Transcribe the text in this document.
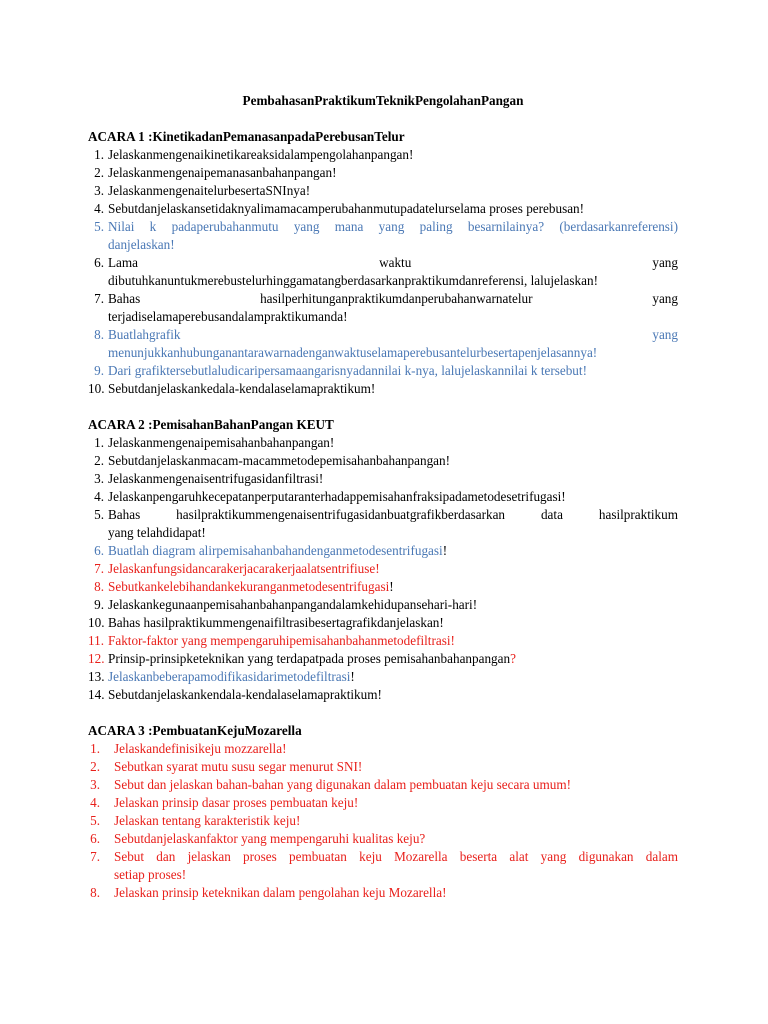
PembahasanPraktikumTeknikPengolahanPangan
ACARA 1 :KinetikadanPemanasanpadaPerebusanTelur
1. Jelaskanmengenaikinetikareaksidalampengolahanpangan!
2. Jelaskanmengenaipemanasanbahanpangan!
3. JelaskanmengenaitelurbesertaSNInya!
4. Sebutdanjelaskansetidaknyalimamacamperubahanmutupadatelurselama proses perebusan!
5. Nilai k padaperubahanmutu yang mana yang paling besarnilainya? (berdasarkanreferensi)
danjelaskan!
6. Lama waktu yang
dibutuhkanuntukmerebustelurhinggamatangberdasarkanpraktikumdanreferensi, lalujelaskan!
7. Bahas hasilperhitunganpraktikumdanperubahanwarnatelur yang
terjadiselamaperebusandalampraktikumanda!
8. Buatlahgrafik yang
menunjukkanhubunganantarawarnadenganwaktuselamaperebusantelurbesertapenjelasannya!
9. Dari grafiktersebutlaludicaripersamaangarisnyadannilai k-nya, lalujelaskannilai k tersebut!
10. Sebutdanjelaskankedala-kendalaselamapraktikum!
ACARA 2 :PemisahanBahanPangan KEUT
1. Jelaskanmengenaipemisahanbahanpangan!
2. Sebutdanjelaskanmacam-macammetodepemisahanbahanpangan!
3. Jelaskanmengenaisentrifugasidanfiltrasi!
4. Jelaskanpengaruhkecepatanperputaranterhadappemisahanfraksipadametodesetrifugasi!
5. Bahas hasilpraktikummengenaisentrifugasidanbuatgrafikberdasarkan data hasilpraktikum
yang telahdidapat!
6. Buatlah diagram alirpemisahanbahandenganmetodesentrifugasi!
7. Jelaskanfungsidancarakerjacarakerjaalatsentrifiuse!
8. Sebutkankelebihandankekuranganmetodesentrifugasi!
9. Jelaskankegunaanpemisahanbahanpangandalamkehidupansehari-hari!
10. Bahas hasilpraktikummengenaifiltrasibesertagrafikdanjelaskan!
11. Faktor-faktor yang mempengaruhipemisahanbahanmetodefiltrasi!
12. Prinsip-prinsipketeknikan yang terdapatpada proses pemisahanbahanpangan?
13. Jelaskanbeberapamodifikasidarimetodefiltrasi!
14. Sebutdanjelaskankendala-kendalaselamapraktikum!
ACARA 3 :PembuatanKejuMozarella
1. Jelaskandefinisikeju mozzarella!
2. Sebutkan syarat mutu susu segar menurut SNI!
3. Sebut dan jelaskan bahan-bahan yang digunakan dalam pembuatan keju secara umum!
4. Jelaskan prinsip dasar proses pembuatan keju!
5. Jelaskan tentang karakteristik keju!
6. Sebutdanjelaskanfaktor yang mempengaruhi kualitas keju?
7. Sebut dan jelaskan proses pembuatan keju Mozarella beserta alat yang digunakan dalam
setiap proses!
8. Jelaskan prinsip keteknikan dalam pengolahan keju Mozarella!
